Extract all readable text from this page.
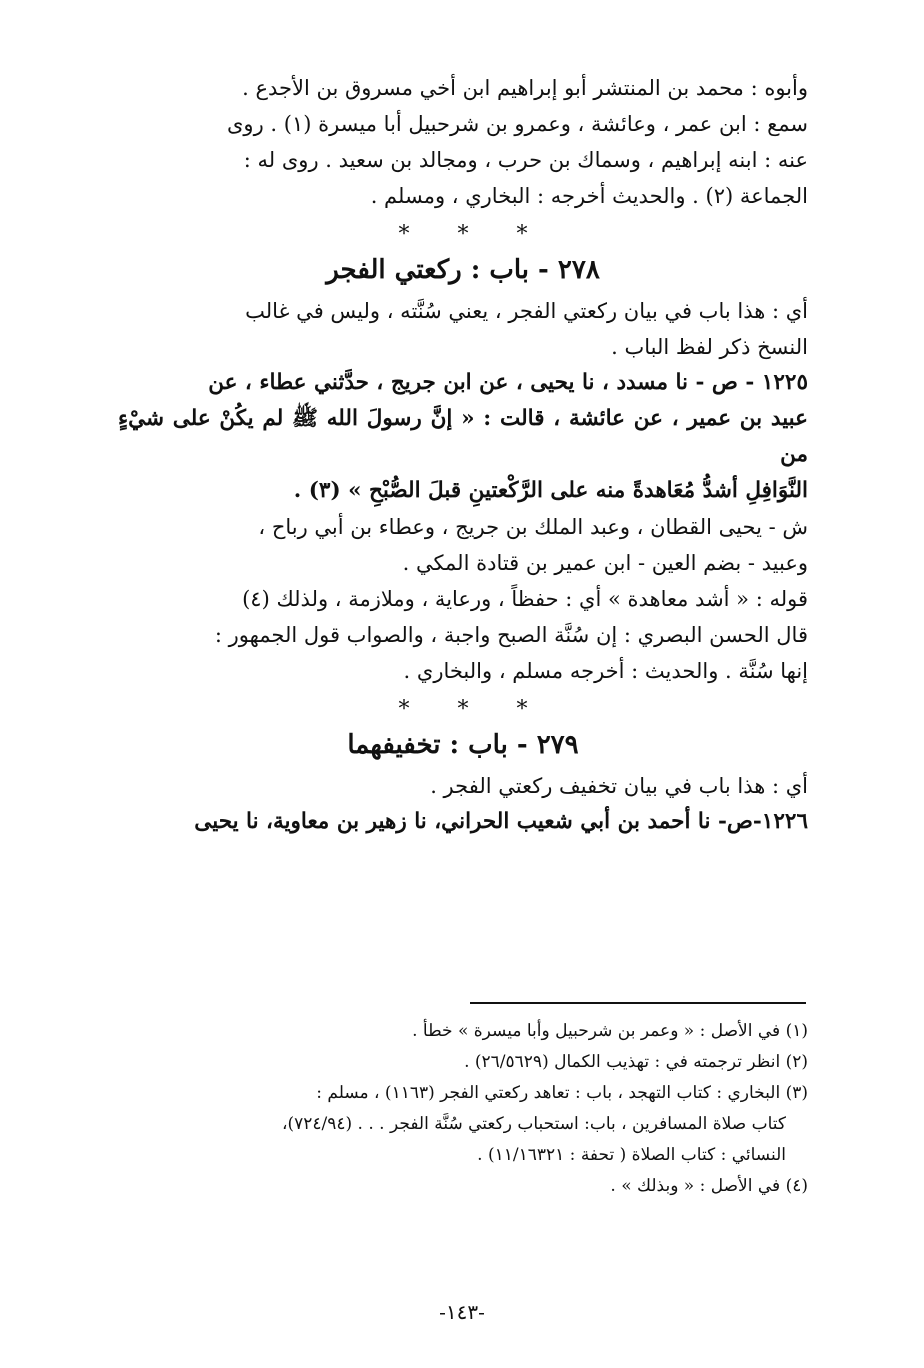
وأبوه : محمد بن المنتشر أبو إبراهيم ابن أخي مسروق بن الأجدع .

سمع : ابن عمر ، وعائشة ، وعمرو بن شرحبيل أبا ميسرة (١) . روى

عنه : ابنه إبراهيم ، وسماك بن حرب ، ومجالد بن سعيد . روى له :

الجماعة (٢) . والحديث أخرجه : البخاري ، ومسلم .

***
٢٧٨ - باب : ركعتي الفجر

أي : هذا باب في بيان ركعتي الفجر ، يعني سُنَّته ، وليس في غالب

النسخ ذكر لفظ الباب .

١٢٢٥ - ص - نا مسدد ، نا يحيى ، عن ابن جريج ، حدَّثني عطاء ، عن

عبيد بن عمير ، عن عائشة ، قالت : « إنَّ رسولَ الله ﷺ لم يكُنْ على شيْءٍ من

النَّوَافِلِ أشدُّ مُعَاهدةً منه على الرَّكْعتينِ قبلَ الصُّبْحِ » (٣) .

ش - يحيى القطان ، وعبد الملك بن جريج ، وعطاء بن أبي رباح ،

وعبيد - بضم العين - ابن عمير بن قتادة المكي .

قوله : « أشد معاهدة » أي : حفظاً ، ورعاية ، وملازمة ، ولذلك (٤)

قال الحسن البصري : إن سُنَّة الصبح واجبة ، والصواب قول الجمهور :

إنها سُنَّة . والحديث : أخرجه مسلم ، والبخاري .

***
٢٧٩ - باب : تخفيفهما

أي : هذا باب في بيان تخفيف ركعتي الفجر .

١٢٢٦-ص- نا أحمد بن أبي شعيب الحراني، نا زهير بن معاوية، نا يحيى

(١) في الأصل : « وعمر بن شرحبيل وأبا ميسرة » خطأ .

(٢) انظر ترجمته في : تهذيب الكمال (٢٦/٥٦٢٩) .

(٣) البخاري : كتاب التهجد ، باب : تعاهد ركعتي الفجر (١١٦٣) ، مسلم :

كتاب صلاة المسافرين ، باب: استحباب ركعتي سُنَّة الفجر . . . (٧٢٤/٩٤)،

النسائي : كتاب الصلاة ( تحفة : ١١/١٦٣٢١) .

(٤) في الأصل : « وبذلك » .

-١٤٣-
